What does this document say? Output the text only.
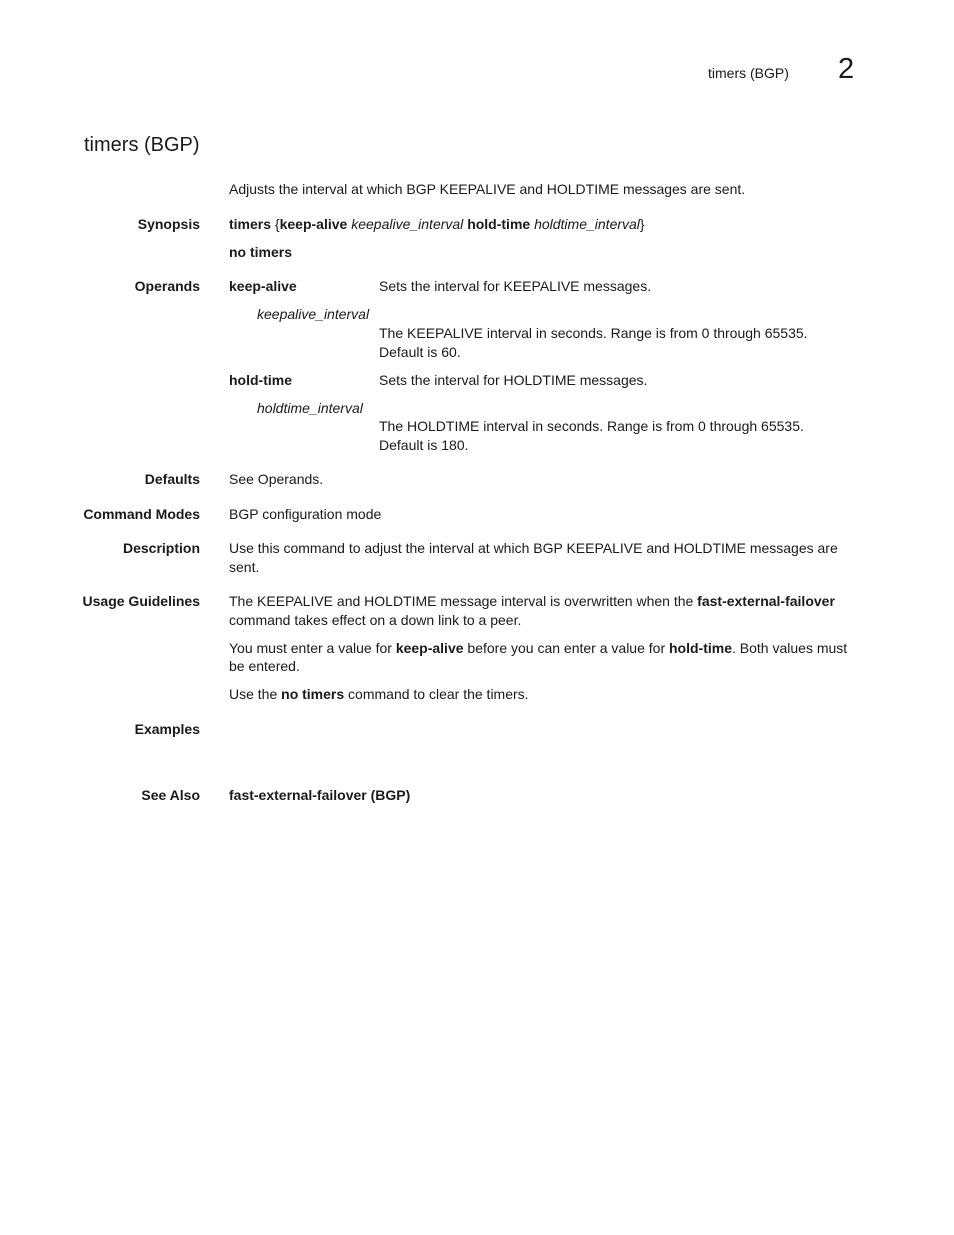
timers (BGP) 2
timers (BGP)
Adjusts the interval at which BGP KEEPALIVE and HOLDTIME messages are sent.
Synopsis timers {keep-alive keepalive_interval hold-time holdtime_interval}
no timers
Operands keep-alive	Sets the interval for KEEPALIVE messages.
keepalive_interval
The KEEPALIVE interval in seconds. Range is from 0 through 65535.
Default is 60.
hold-time	Sets the interval for HOLDTIME messages.
holdtime_interval
The HOLDTIME interval in seconds. Range is from 0 through 65535.
Default is 180.
Defaults See Operands.
Command Modes BGP configuration mode
Description Use this command to adjust the interval at which BGP KEEPALIVE and HOLDTIME messages are
sent.
Usage Guidelines The KEEPALIVE and HOLDTIME message interval is overwritten when the fast-external-failover
command takes effect on a down link to a peer.
You must enter a value for keep-alive before you can enter a value for hold-time. Both values must
be entered.
Use the no timers command to clear the timers.
Examples
See Also fast-external-failover (BGP)
